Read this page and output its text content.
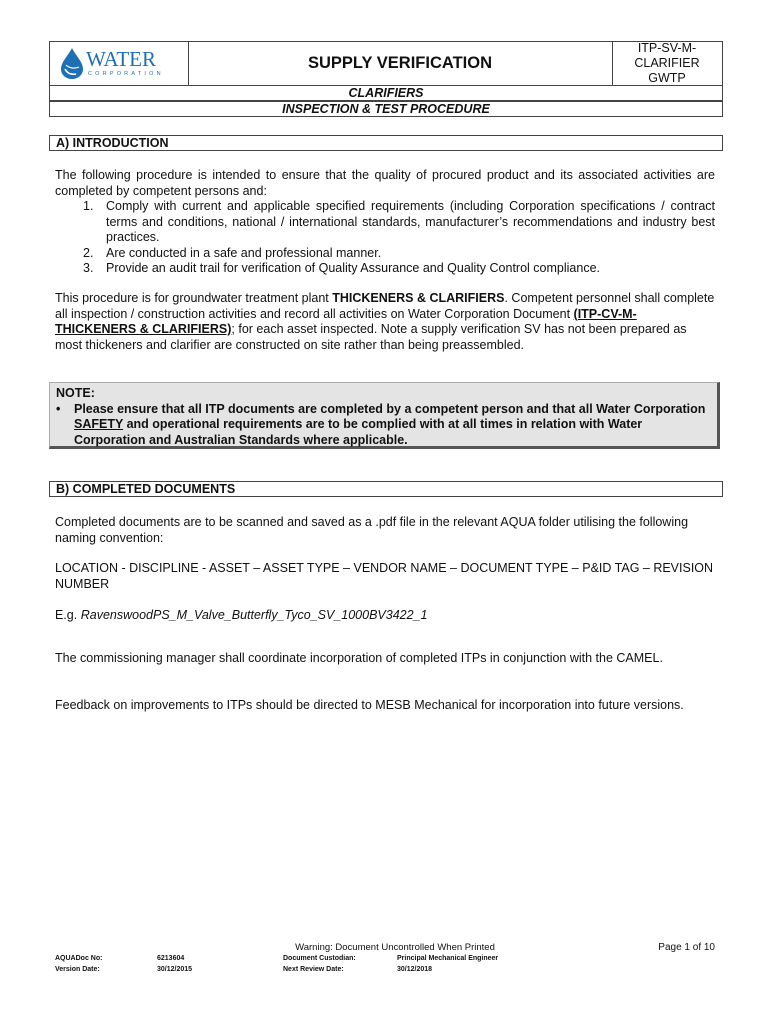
WATER
CORPORATION
SUPPLY VERIFICATION
ITP-SV-M- CLARIFIER
GWTP
CLARIFIERS
INSPECTION & TEST PROCEDURE
A) INTRODUCTION
The following procedure is intended to ensure that the quality of procured product and its associated activities are completed by competent persons and:
1. Comply with current and applicable specified requirements (including Corporation specifications / contract terms and conditions, national / international standards, manufacturer’s recommendations and industry best practices.
2. Are conducted in a safe and professional manner.
3. Provide an audit trail for verification of Quality Assurance and Quality Control compliance.
This procedure is for groundwater treatment plant THICKENERS & CLARIFIERS. Competent personnel shall complete all inspection / construction activities and record all activities on Water Corporation Document (ITP-CV-M-THICKENERS & CLARIFIERS); for each asset inspected. Note a supply verification SV has not been prepared as most thickeners and clarifier are constructed on site rather than being preassembled.
NOTE:
• Please ensure that all ITP documents are completed by a competent person and that all Water Corporation SAFETY and operational requirements are to be complied with at all times in relation with Water Corporation and Australian Standards where applicable.
B) COMPLETED DOCUMENTS
Completed documents are to be scanned and saved as a .pdf file in the relevant AQUA folder utilising the following naming convention:
LOCATION - DISCIPLINE - ASSET – ASSET TYPE – VENDOR NAME – DOCUMENT TYPE – P&ID TAG – REVISION NUMBER
E.g. RavenswoodPS_M_Valve_Butterfly_Tyco_SV_1000BV3422_1
The commissioning manager shall coordinate incorporation of completed ITPs in conjunction with the CAMEL.
Feedback on improvements to ITPs should be directed to MESB Mechanical for incorporation into future versions.
Warning: Document Uncontrolled When Printed	Page 1 of 10
AQUADoc No:	6213604
Version Date:	30/12/2015
Document Custodian:	Principal Mechanical Engineer
Next Review Date:	30/12/2018
